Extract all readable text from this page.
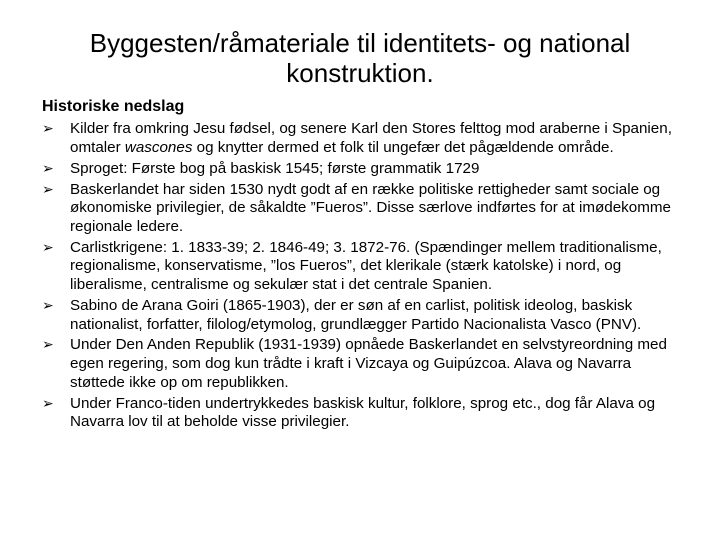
Byggesten/råmateriale til identitets- og national konstruktion.
Historiske nedslag
➢	Kilder fra omkring Jesu fødsel, og senere Karl den Stores felttog mod araberne i Spanien, omtaler wascones og knytter dermed et folk til ungefær det pågældende område.
➢	Sproget: Første bog på baskisk 1545; første grammatik 1729
➢	Baskerlandet har siden 1530 nydt godt af en række politiske rettigheder samt sociale og økonomiske privilegier, de såkaldte ”Fueros”. Disse særlove indførtes for at imødekomme regionale ledere.
➢	Carlistkrigene: 1. 1833-39; 2. 1846-49; 3. 1872-76. (Spændinger mellem traditionalisme, regionalisme, konservatisme, ”los Fueros”, det klerikale (stærk katolske) i nord, og liberalisme, centralisme og sekulær stat i det centrale Spanien.
➢	Sabino de Arana Goiri (1865-1903), der er søn af en carlist, politisk ideolog, baskisk nationalist, forfatter, filolog/etymolog, grundlægger Partido Nacionalista Vasco (PNV).
➢	Under Den Anden Republik (1931-1939) opnåede Baskerlandet en selvstyreordning med egen regering, som dog kun trådte i kraft i Vizcaya og Guipúzcoa. Alava og Navarra støttede ikke op om republikken.
➢	Under Franco-tiden undertrykkedes baskisk kultur, folklore, sprog etc., dog får Alava og Navarra lov til at beholde visse privilegier.
